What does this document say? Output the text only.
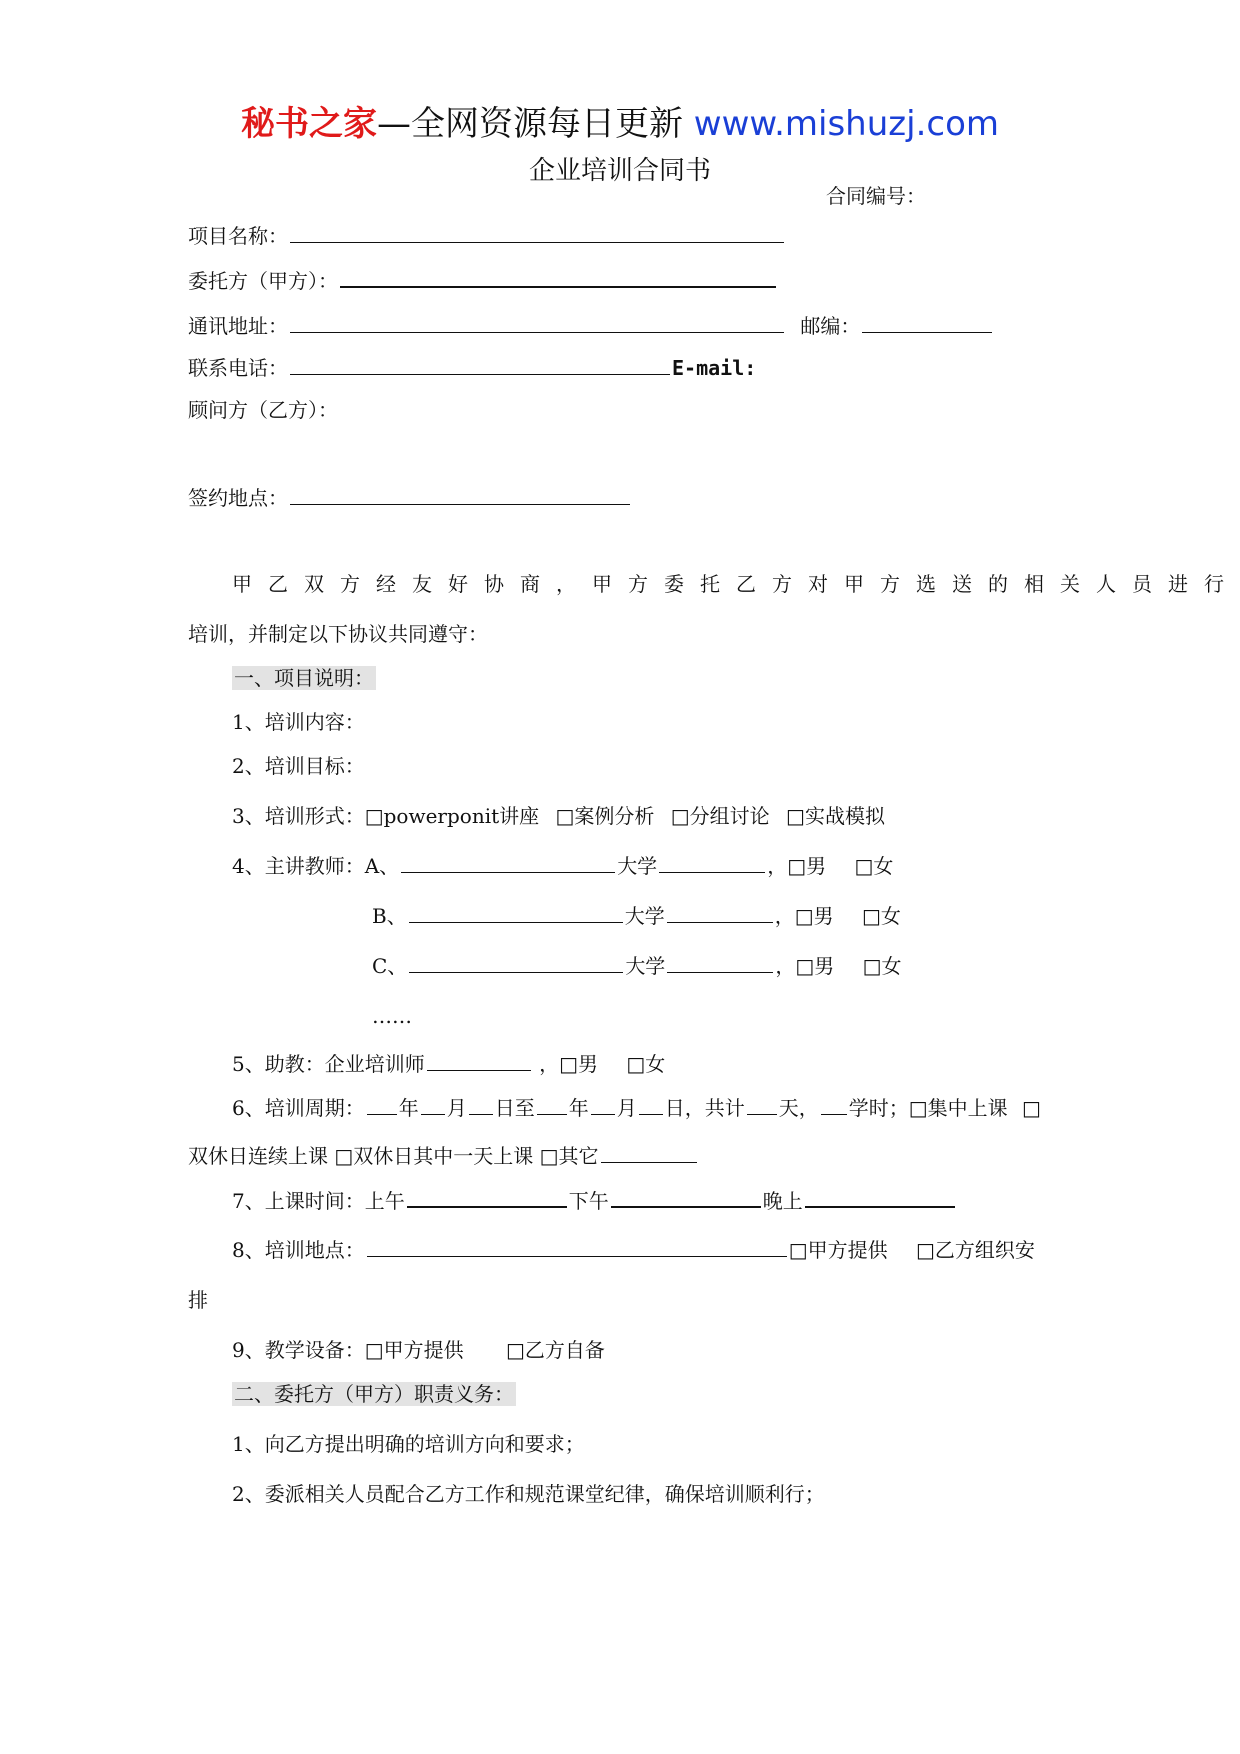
秘书之家—全网资源每日更新 www.mishuzj.com
企业培训合同书
合同编号：
项目名称：
委托方（甲方）：
通讯地址：	邮编：
联系电话：	E-mail:
顾问方（乙方）：
签约地点：
甲乙双方经友好协商，甲方委托乙方对甲方选送的相关人员进行
培训，并制定以下协议共同遵守：
一、项目说明：
1、培训内容：
2、培训目标：
3、培训形式：□powerponit讲座 □案例分析 □分组讨论 □实战模拟
4、主讲教师：A、	大学	，□男 □女
B、	大学	，□男 □女
C、	大学	，□男 □女
……
5、助教：企业培训师	，□男 □女
6、培训周期： 年 月 日至 年 月 日，共计 天， 学时；□集中上课 □
双休日连续上课 □双休日其中一天上课 □其它
7、上课时间：上午	下午	晚上
8、培训地点：	□甲方提供 □乙方组织安
排
9、教学设备：□甲方提供 □乙方自备
二、委托方（甲方）职责义务：
1、向乙方提出明确的培训方向和要求；
2、委派相关人员配合乙方工作和规范课堂纪律，确保培训顺利行；
